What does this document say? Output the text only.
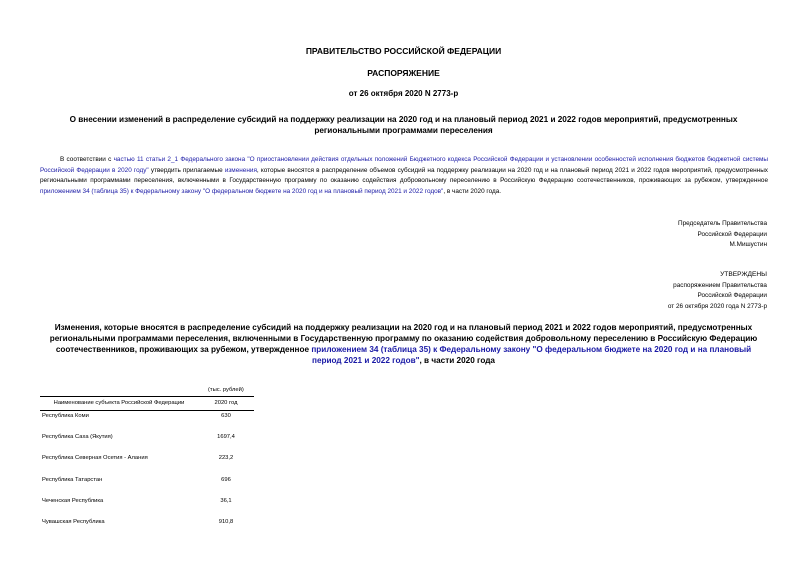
ПРАВИТЕЛЬСТВО РОССИЙСКОЙ ФЕДЕРАЦИИ
РАСПОРЯЖЕНИЕ
от 26 октября 2020 N 2773-р
О внесении изменений в распределение субсидий на поддержку реализации на 2020 год и на плановый период 2021 и 2022 годов мероприятий, предусмотренных региональными программами переселения
В соответствии с частью 11 статьи 2_1 Федерального закона "О приостановлении действия отдельных положений Бюджетного кодекса Российской Федерации и установлении особенностей исполнения бюджетов бюджетной системы Российской Федерации в 2020 году" утвердить прилагаемые изменения, которые вносятся в распределение объемов субсидий на поддержку реализации на 2020 год и на плановый период 2021 и 2022 годов мероприятий, предусмотренных региональными программами переселения, включенными в Государственную программу по оказанию содействия добровольному переселению в Российскую Федерацию соотечественников, проживающих за рубежом, утвержденное приложением 34 (таблица 35) к Федеральному закону "О федеральном бюджете на 2020 год и на плановый период 2021 и 2022 годов", в части 2020 года.
Председатель Правительства
Российской Федерации
М.Мишустин
УТВЕРЖДЕНЫ
распоряжением Правительства
Российской Федерации
от 26 октября 2020 года N 2773-р
Изменения, которые вносятся в распределение субсидий на поддержку реализации на 2020 год и на плановый период 2021 и 2022 годов мероприятий, предусмотренных региональными программами переселения, включенными в Государственную программу по оказанию содействия добровольному переселению в Российскую Федерацию соотечественников, проживающих за рубежом, утвержденное приложением 34 (таблица 35) к Федеральному закону "О федеральном бюджете на 2020 год и на плановый период 2021 и 2022 годов", в части 2020 года
(тыс. рублей)
Наименование субъекта Российской Федерации	2020 год
Республика Коми	630
Республика Саха (Якутия)	1697,4
Республика Северная Осетия - Алания	223,2
Республика Татарстан	696
Чеченская Республика	36,1
Чувашская Республика	910,8
